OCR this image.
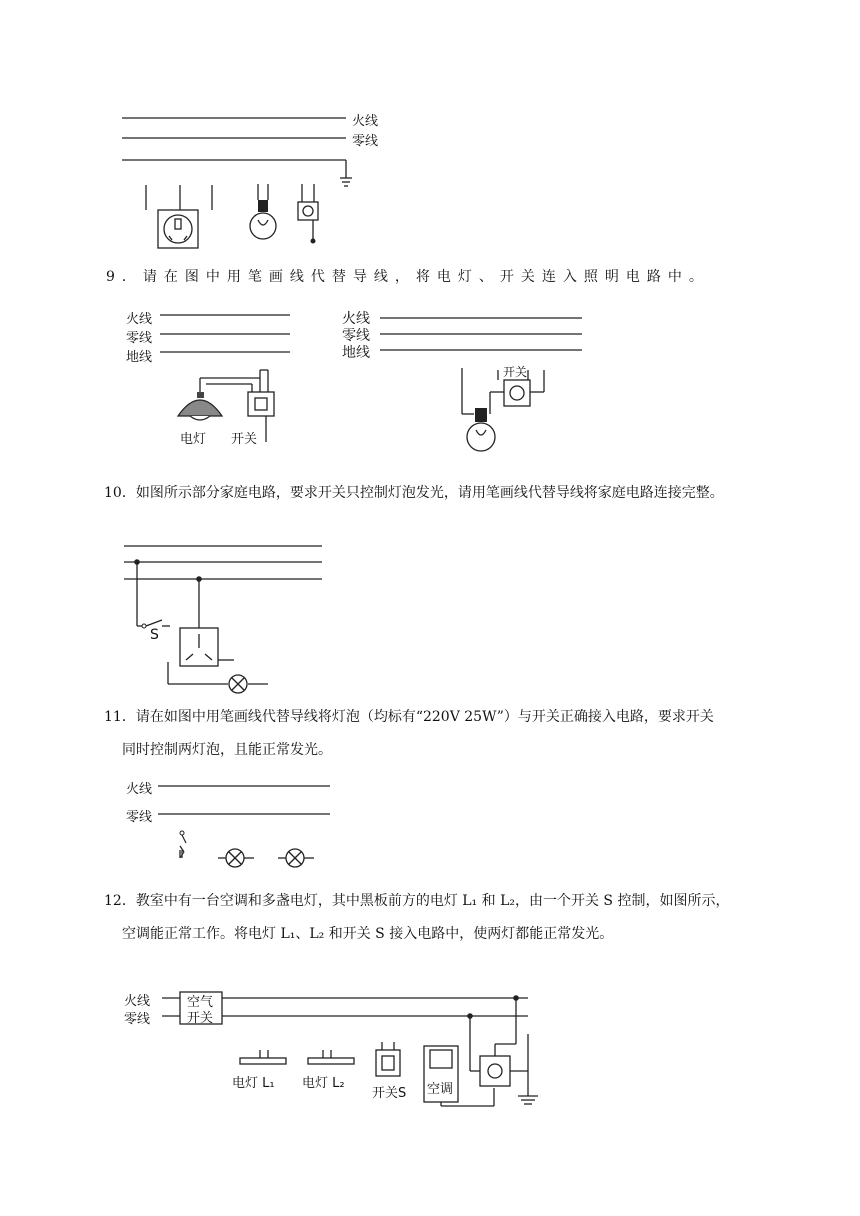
火线
零线
9．请在图中用笔画线代替导线，将电灯、开关连入照明电路中。
火线
零线
地线
电灯 开关
火线
零线
地线
开关
10．如图所示部分家庭电路，要求开关只控制灯泡发光，请用笔画线代替导线将家庭电路连接完整。
S
11．请在如图中用笔画线代替导线将灯泡（均标有“220V 25W”）与开关正确接入电路，要求开关
同时控制两灯泡，且能正常发光。
火线
零线
12．教室中有一台空调和多盏电灯，其中黑板前方的电灯 L₁ 和 L₂，由一个开关 S 控制，如图所示，
空调能正常工作。将电灯 L₁、L₂ 和开关 S 接入电路中，使两灯都能正常发光。
火线
零线
空气
开关
电灯 L₁ 电灯 L₂
开关S 空调
